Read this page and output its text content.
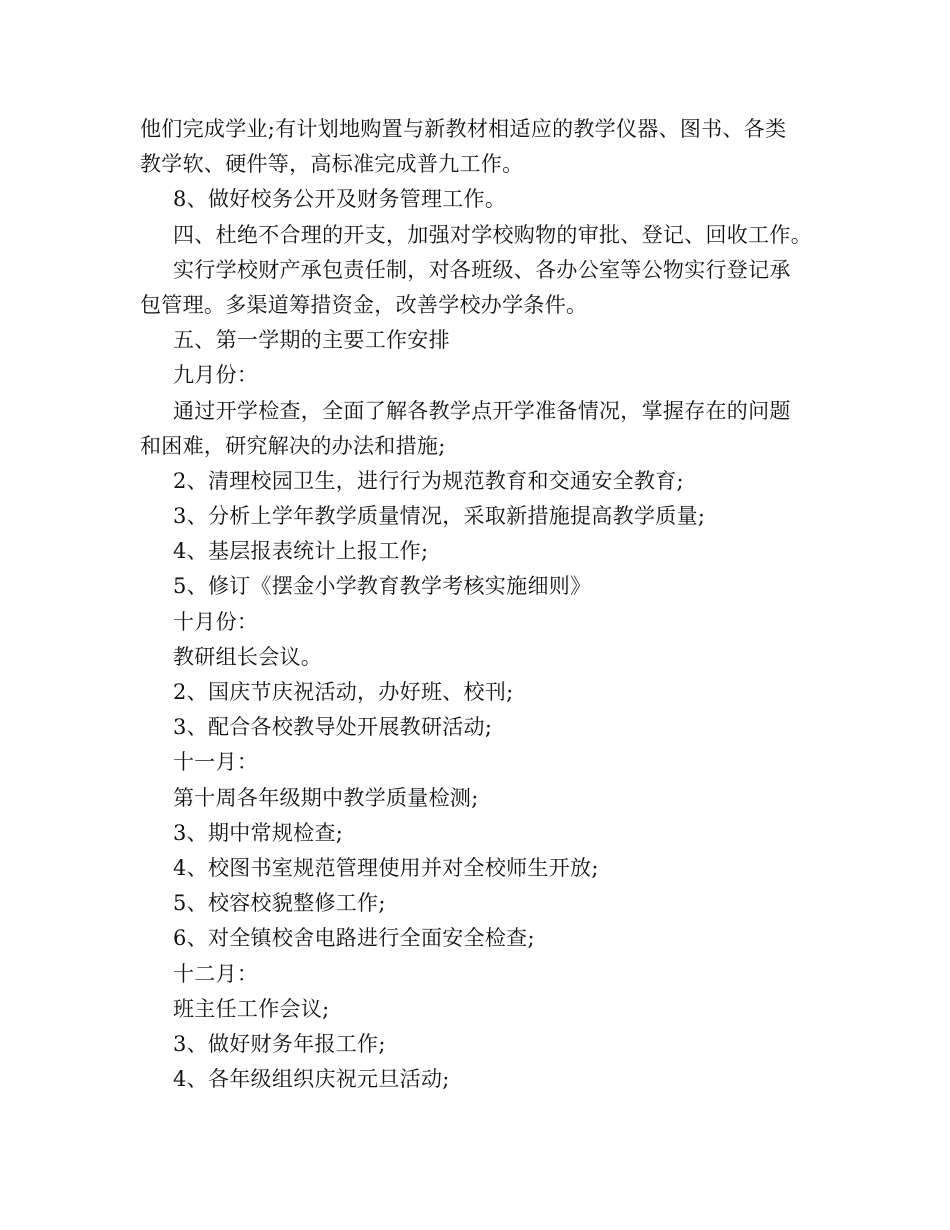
他们完成学业;有计划地购置与新教材相适应的教学仪器、图书、各类
教学软、硬件等，高标准完成普九工作。
8、做好校务公开及财务管理工作。
四、杜绝不合理的开支，加强对学校购物的审批、登记、回收工作。
实行学校财产承包责任制，对各班级、各办公室等公物实行登记承
包管理。多渠道筹措资金，改善学校办学条件。
五、第一学期的主要工作安排
九月份：
通过开学检查，全面了解各教学点开学准备情况，掌握存在的问题
和困难，研究解决的办法和措施;
2、清理校园卫生，进行行为规范教育和交通安全教育;
3、分析上学年教学质量情况，采取新措施提高教学质量;
4、基层报表统计上报工作;
5、修订《摆金小学教育教学考核实施细则》
十月份：
教研组长会议。
2、国庆节庆祝活动，办好班、校刊;
3、配合各校教导处开展教研活动;
十一月：
第十周各年级期中教学质量检测;
3、期中常规检查;
4、校图书室规范管理使用并对全校师生开放;
5、校容校貌整修工作;
6、对全镇校舍电路进行全面安全检查;
十二月：
班主任工作会议;
3、做好财务年报工作;
4、各年级组织庆祝元旦活动;
